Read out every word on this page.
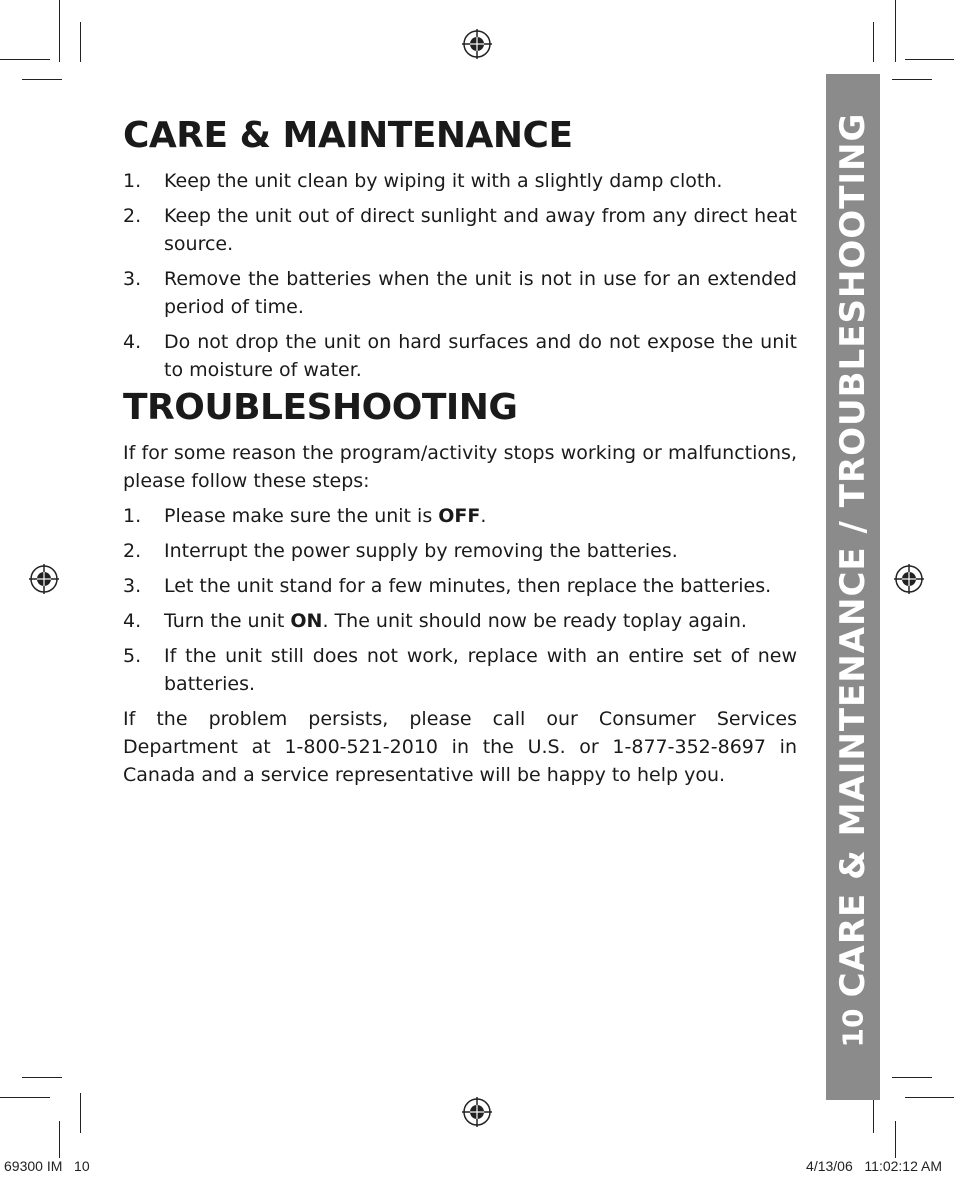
CARE & MAINTENANCE
1. Keep the unit clean by wiping it with a slightly damp cloth.
2. Keep the unit out of direct sunlight and away from any direct heat source.
3. Remove the batteries when the unit is not in use for an extended period of time.
4. Do not drop the unit on hard surfaces and do not expose the unit to moisture of water.
TROUBLESHOOTING

If for some reason the program/activity stops working or malfunctions, please follow these steps:

1. Please make sure the unit is OFF.
2. Interrupt the power supply by removing the batteries.
3. Let the unit stand for a few minutes, then replace the batteries.
4. Turn the unit ON. The unit should now be ready toplay again.
5. If the unit still does not work, replace with an entire set of new batteries.

If the problem persists, please call our Consumer Services Department at 1-800-521-2010 in the U.S. or 1-877-352-8697 in Canada and a service representative will be happy to help you.	CARE & MAINTENANCE / TROUBLESHOOTING
10
69300 IM   10	4/13/06   11:02:12 AM
